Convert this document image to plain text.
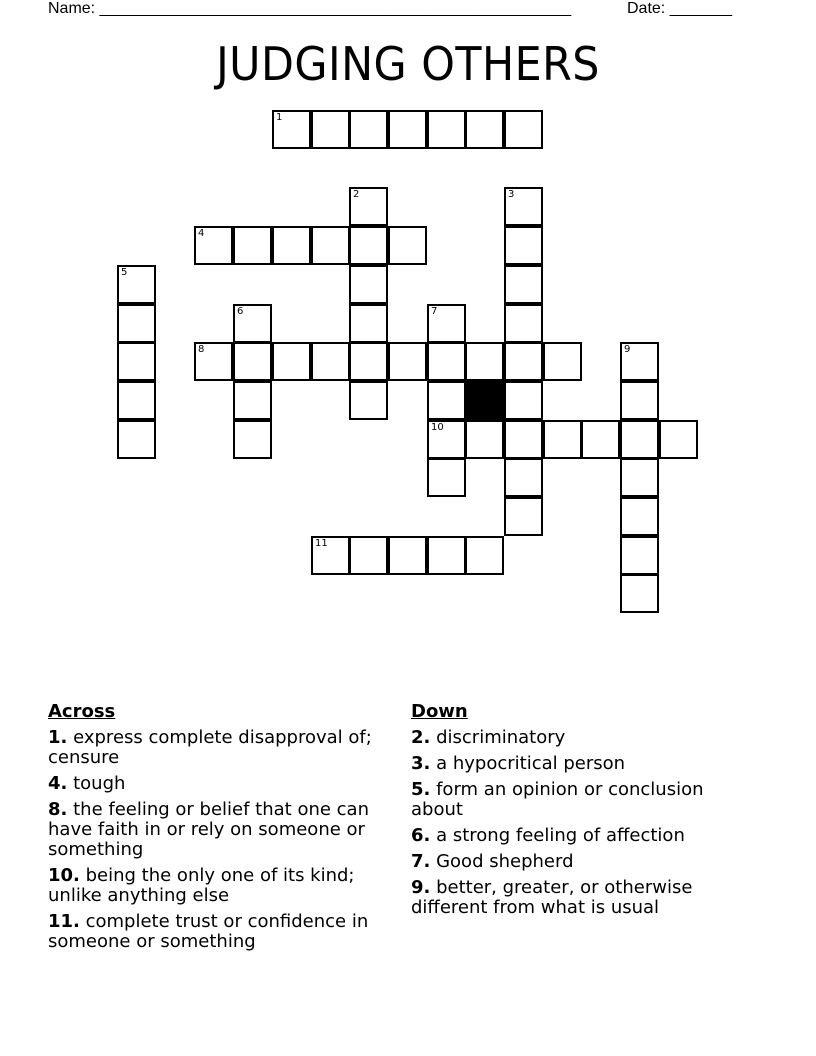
Name: _____________________________________________________	Date: _______
JUDGING OTHERS
1
2	3
4
5
6	7
10
8	9
11
Across
1. express complete disapproval of; censure
4. tough
8. the feeling or belief that one can have faith in or rely on someone or something
10. being the only one of its kind; unlike anything else
11. complete trust or confidence in someone or something
Down
2. discriminatory
3. a hypocritical person
5. form an opinion or conclusion about
6. a strong feeling of affection
7. Good shepherd
9. better, greater, or otherwise different from what is usual
